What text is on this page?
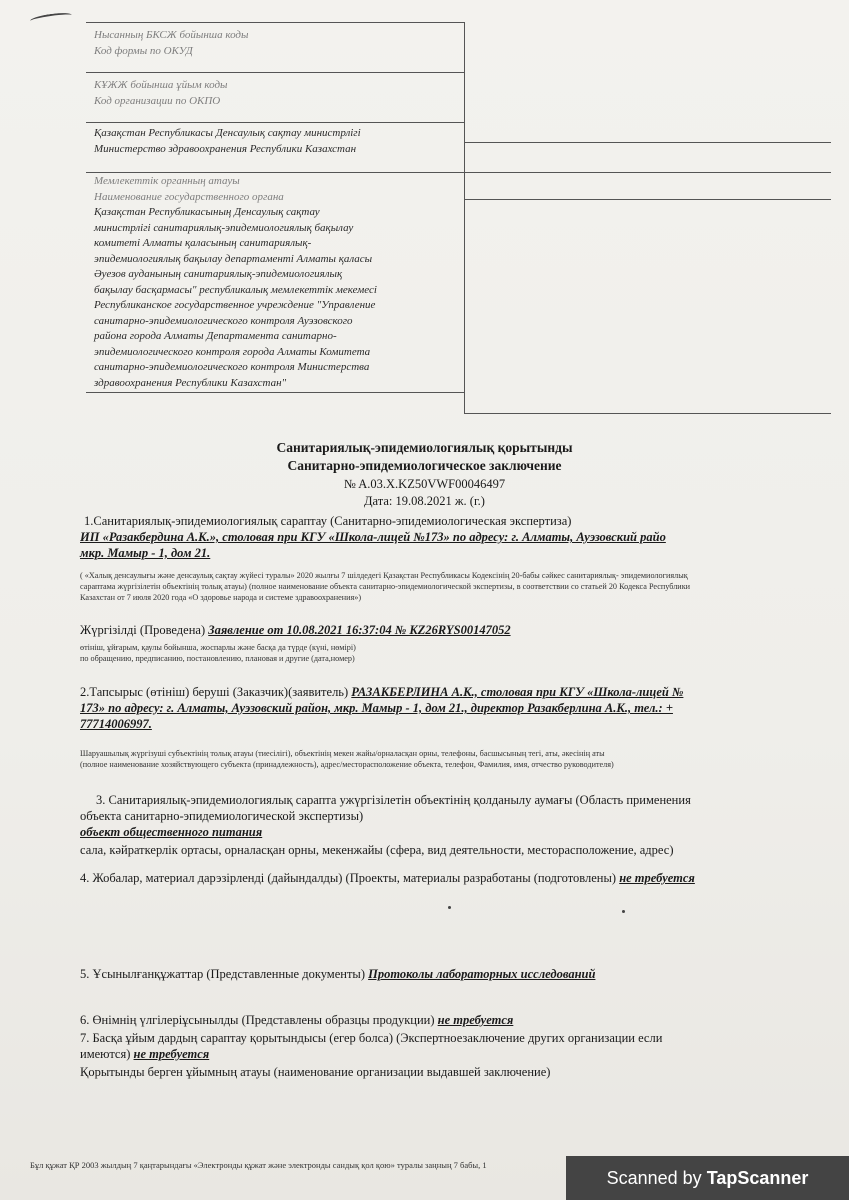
Нысанның БКСЖ бойынша коды
Код формы по ОКУД
КҰЖЖ бойынша ұйым коды
Код организации по ОКПО
Қазақстан Республикасы Денсаулық сақтау министрлігі
Министерство здравоохранения Республики Казахстан
Мемлекеттік органның атауы
Наименование государственного органа
Қазақстан Республикасының Денсаулық сақтау
министрлігі санитариялық-эпидемиологиялық бақылау
комитеті Алматы қаласының санитариялық-
эпидемиологиялық бақылау департаменті Алматы қаласы
Әуезов ауданының санитариялық-эпидемиологиялық
бақылау басқармасы" республикалық мемлекеттік мекемесі
Республиканское государственное учреждение "Управление
санитарно-эпидемиологического контроля Ауэзовского
района города Алматы Департамента санитарно-
эпидемиологического контроля города Алматы Комитета
санитарно-эпидемиологического контроля Министерства
здравоохранения Республики Казахстан"
Санитариялық-эпидемиологиялық қорытынды
Санитарно-эпидемиологическое заключение
№ A.03.X.KZ50VWF00046497
Дата: 19.08.2021 ж. (г.)
1.Санитариялық-эпидемиологиялық сараптау (Санитарно-эпидемиологическая экспертиза)
ИП «Разакбердина А.К.», столовая при КГУ «Школа-лицей №173» по адресу: г. Алматы, Ауэзовский райо
мкр. Мамыр - 1, дом 21.
( «Халық денсаулығы және денсаулық сақтау жүйесі туралы» 2020 жылғы 7 шілдедегі Қазақстан Республикасы Кодексінің 20-бабы сәйкес санитариялық- эпидемиологиялық
сараптама жүргізілетін объектінің толық атауы) (полное наименование объекта санитарно-эпидемиологической экспертизы, в соответствии со статьей 20 Кодекса Республики
Казахстан от 7 июля 2020 года «О здоровье народа и системе здравоохранения»)
Жүргізілді (Проведена) Заявление от 10.08.2021 16:37:04 № KZ26RYS00147052
өтініш, ұйғарым, қаулы бойынша, жоспарлы және басқа да түрде (күні, нөмірі)
по обращению, предписанию, постановлению, плановая и другие (дата,номер)
2.Тапсырыс (өтініш) беруші (Заказчик)(заявитель) РАЗАКБЕРЛИНА А.К., столовая при КГУ «Школа-лицей №
173» по адресу: г. Алматы, Ауэзовский район, мкр. Мамыр - 1, дом 21., директор Разакберлина А.К., тел.: +
77714006997.
Шаруашылық жүргізуші субъектінің толық атауы (тиесілігі), объектінің мекен жайы/орналасқан орны, телефоны, басшысының тегі, аты, әкесінің аты
(полное наименование хозяйствующего субъекта (принадлежность), адрес/месторасположение объекта, телефон, Фамилия, имя, отчество руководителя)
3. Санитариялық-эпидемиологиялық сарапта ужүргізілетін объектінің қолданылу аумағы (Область применения
объекта санитарно-эпидемиологической экспертизы)
объект общественного питания
сала, кәйраткерлік ортасы, орналасқан орны, мекенжайы (сфера, вид деятельности, месторасположение, адрес)
4. Жобалар, материал дарэзірленді (дайындалды) (Проекты, материалы разработаны (подготовлены) не требуется
5. Ұсынылғанқұжаттар (Представленные документы) Протоколы лабораторных исследований
6. Өнімнің үлгілеріұсынылды (Представлены образцы продукции) не требуется
7. Басқа ұйым дардың сараптау қорытындысы (егер болса) (Экспертноезаключение других организации если
имеются) не требуется
Қорытынды берген ұйымның атауы (наименование организации выдавшей заключение)
Бұл құжат ҚР 2003 жылдың 7 қаңтарындағы «Электронды құжат және электронды сандық қол қою» туралы заңның 7 бабы, 1
Scanned by TapScanner
